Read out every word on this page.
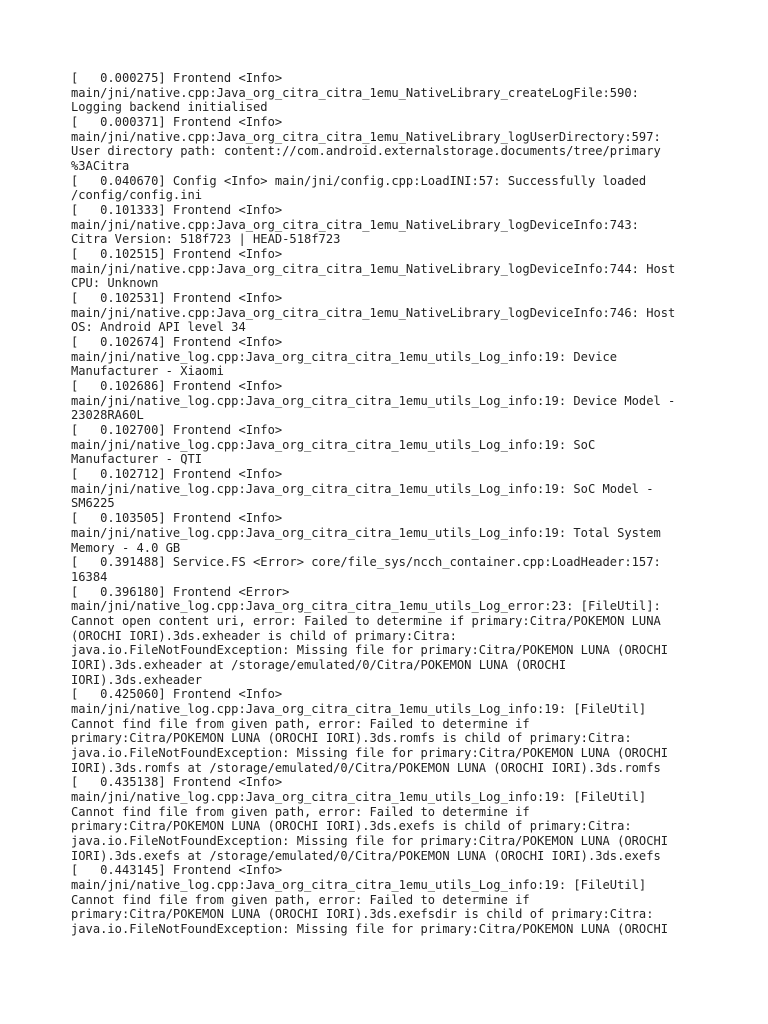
[   0.000275] Frontend <Info>
main/jni/native.cpp:Java_org_citra_citra_1emu_NativeLibrary_createLogFile:590:
Logging backend initialised
[   0.000371] Frontend <Info>
main/jni/native.cpp:Java_org_citra_citra_1emu_NativeLibrary_logUserDirectory:597:
User directory path: content://com.android.externalstorage.documents/tree/primary
%3ACitra
[   0.040670] Config <Info> main/jni/config.cpp:LoadINI:57: Successfully loaded
/config/config.ini
[   0.101333] Frontend <Info>
main/jni/native.cpp:Java_org_citra_citra_1emu_NativeLibrary_logDeviceInfo:743:
Citra Version: 518f723 | HEAD-518f723
[   0.102515] Frontend <Info>
main/jni/native.cpp:Java_org_citra_citra_1emu_NativeLibrary_logDeviceInfo:744: Host
CPU: Unknown
[   0.102531] Frontend <Info>
main/jni/native.cpp:Java_org_citra_citra_1emu_NativeLibrary_logDeviceInfo:746: Host
OS: Android API level 34
[   0.102674] Frontend <Info>
main/jni/native_log.cpp:Java_org_citra_citra_1emu_utils_Log_info:19: Device
Manufacturer - Xiaomi
[   0.102686] Frontend <Info>
main/jni/native_log.cpp:Java_org_citra_citra_1emu_utils_Log_info:19: Device Model -
23028RA60L
[   0.102700] Frontend <Info>
main/jni/native_log.cpp:Java_org_citra_citra_1emu_utils_Log_info:19: SoC
Manufacturer - QTI
[   0.102712] Frontend <Info>
main/jni/native_log.cpp:Java_org_citra_citra_1emu_utils_Log_info:19: SoC Model -
SM6225
[   0.103505] Frontend <Info>
main/jni/native_log.cpp:Java_org_citra_citra_1emu_utils_Log_info:19: Total System
Memory - 4.0 GB
[   0.391488] Service.FS <Error> core/file_sys/ncch_container.cpp:LoadHeader:157:
16384
[   0.396180] Frontend <Error>
main/jni/native_log.cpp:Java_org_citra_citra_1emu_utils_Log_error:23: [FileUtil]:
Cannot open content uri, error: Failed to determine if primary:Citra/POKEMON LUNA
(OROCHI IORI).3ds.exheader is child of primary:Citra:
java.io.FileNotFoundException: Missing file for primary:Citra/POKEMON LUNA (OROCHI
IORI).3ds.exheader at /storage/emulated/0/Citra/POKEMON LUNA (OROCHI
IORI).3ds.exheader
[   0.425060] Frontend <Info>
main/jni/native_log.cpp:Java_org_citra_citra_1emu_utils_Log_info:19: [FileUtil]
Cannot find file from given path, error: Failed to determine if
primary:Citra/POKEMON LUNA (OROCHI IORI).3ds.romfs is child of primary:Citra:
java.io.FileNotFoundException: Missing file for primary:Citra/POKEMON LUNA (OROCHI
IORI).3ds.romfs at /storage/emulated/0/Citra/POKEMON LUNA (OROCHI IORI).3ds.romfs
[   0.435138] Frontend <Info>
main/jni/native_log.cpp:Java_org_citra_citra_1emu_utils_Log_info:19: [FileUtil]
Cannot find file from given path, error: Failed to determine if
primary:Citra/POKEMON LUNA (OROCHI IORI).3ds.exefs is child of primary:Citra:
java.io.FileNotFoundException: Missing file for primary:Citra/POKEMON LUNA (OROCHI
IORI).3ds.exefs at /storage/emulated/0/Citra/POKEMON LUNA (OROCHI IORI).3ds.exefs
[   0.443145] Frontend <Info>
main/jni/native_log.cpp:Java_org_citra_citra_1emu_utils_Log_info:19: [FileUtil]
Cannot find file from given path, error: Failed to determine if
primary:Citra/POKEMON LUNA (OROCHI IORI).3ds.exefsdir is child of primary:Citra:
java.io.FileNotFoundException: Missing file for primary:Citra/POKEMON LUNA (OROCHI
